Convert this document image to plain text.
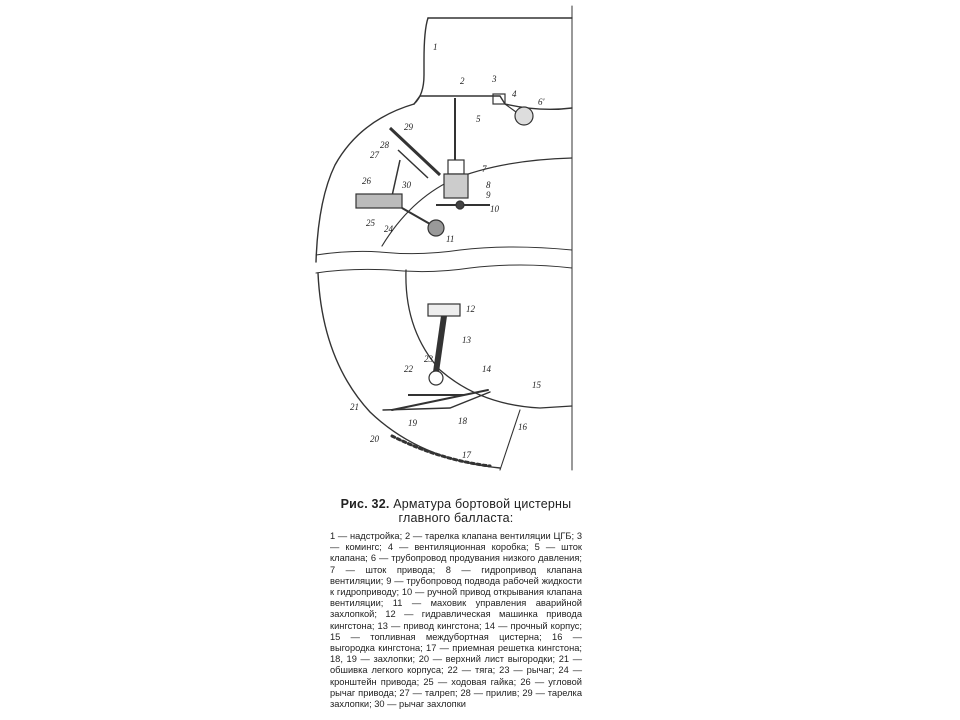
1
2	3
4
5
6'
7
8
9
10
11
12
13
14
15
16
17
18
19
20
21
22
23
24
25
26
27
28
29
30

Рис. 32. Арматура бортовой цистерны главного балласта:

1 — надстройка; 2 — тарелка клапана вентиляции ЦГБ; 3 — комингс; 4 — вентиляционная коробка; 5 — шток клапана; 6 — трубопровод продувания низкого давления; 7 — шток привода; 8 — гидропривод клапана вентиляции; 9 — трубопровод подвода рабочей жидкости к гидроприводу; 10 — ручной привод открывания клапана вентиляции; 11 — маховик управления аварийной захлопкой; 12 — гидравлическая машинка привода кингстона; 13 — привод кингстона; 14 — прочный корпус; 15 — топливная междубортная цистерна; 16 — выгородка кингстона; 17 — приемная решетка кингстона; 18, 19 — захлопки; 20 — верхний лист выгородки; 21 — обшивка легкого корпуса; 22 — тяга; 23 — рычаг; 24 — кронштейн привода; 25 — ходовая гайка; 26 — угловой рычаг привода; 27 — талреп; 28 — прилив; 29 — тарелка захлопки; 30 — рычаг захлопки
